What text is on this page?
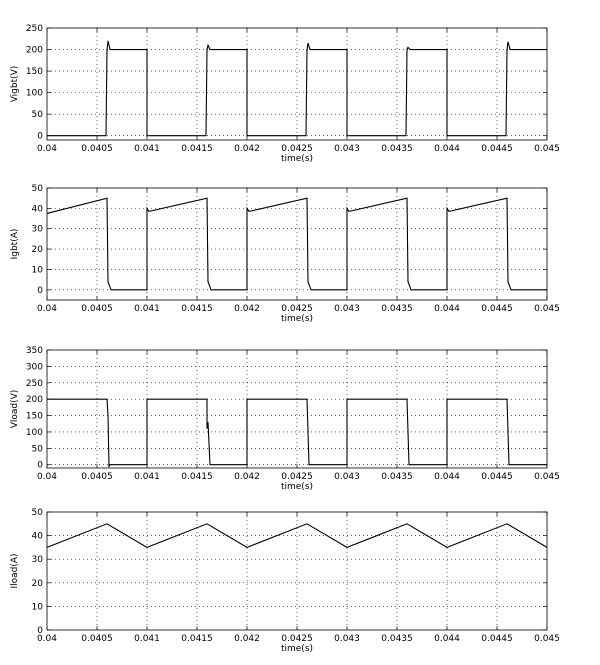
0.04	0.0405 0.041 0.0415 0.042 0.0425 0.043 0.0435 0.044 0.0445 0.045
0
50
100
150
200
250
time(s)
Vigbt(V)
0.04	0.0405 0.041 0.0415 0.042 0.0425 0.043 0.0435 0.044 0.0445 0.045
0
10
20
30
40
50
time(s)
Igbt(A)
0.04	0.0405 0.041 0.0415 0.042 0.0425 0.043 0.0435 0.044 0.0445 0.045
0
50
100
150
200
250
300
350
time(s)
Vload(V)
0.04	0.0405 0.041 0.0415 0.042 0.0425 0.043 0.0435 0.044 0.0445 0.045
0
10
20
30
40
50
time(s)
Iload(A)
